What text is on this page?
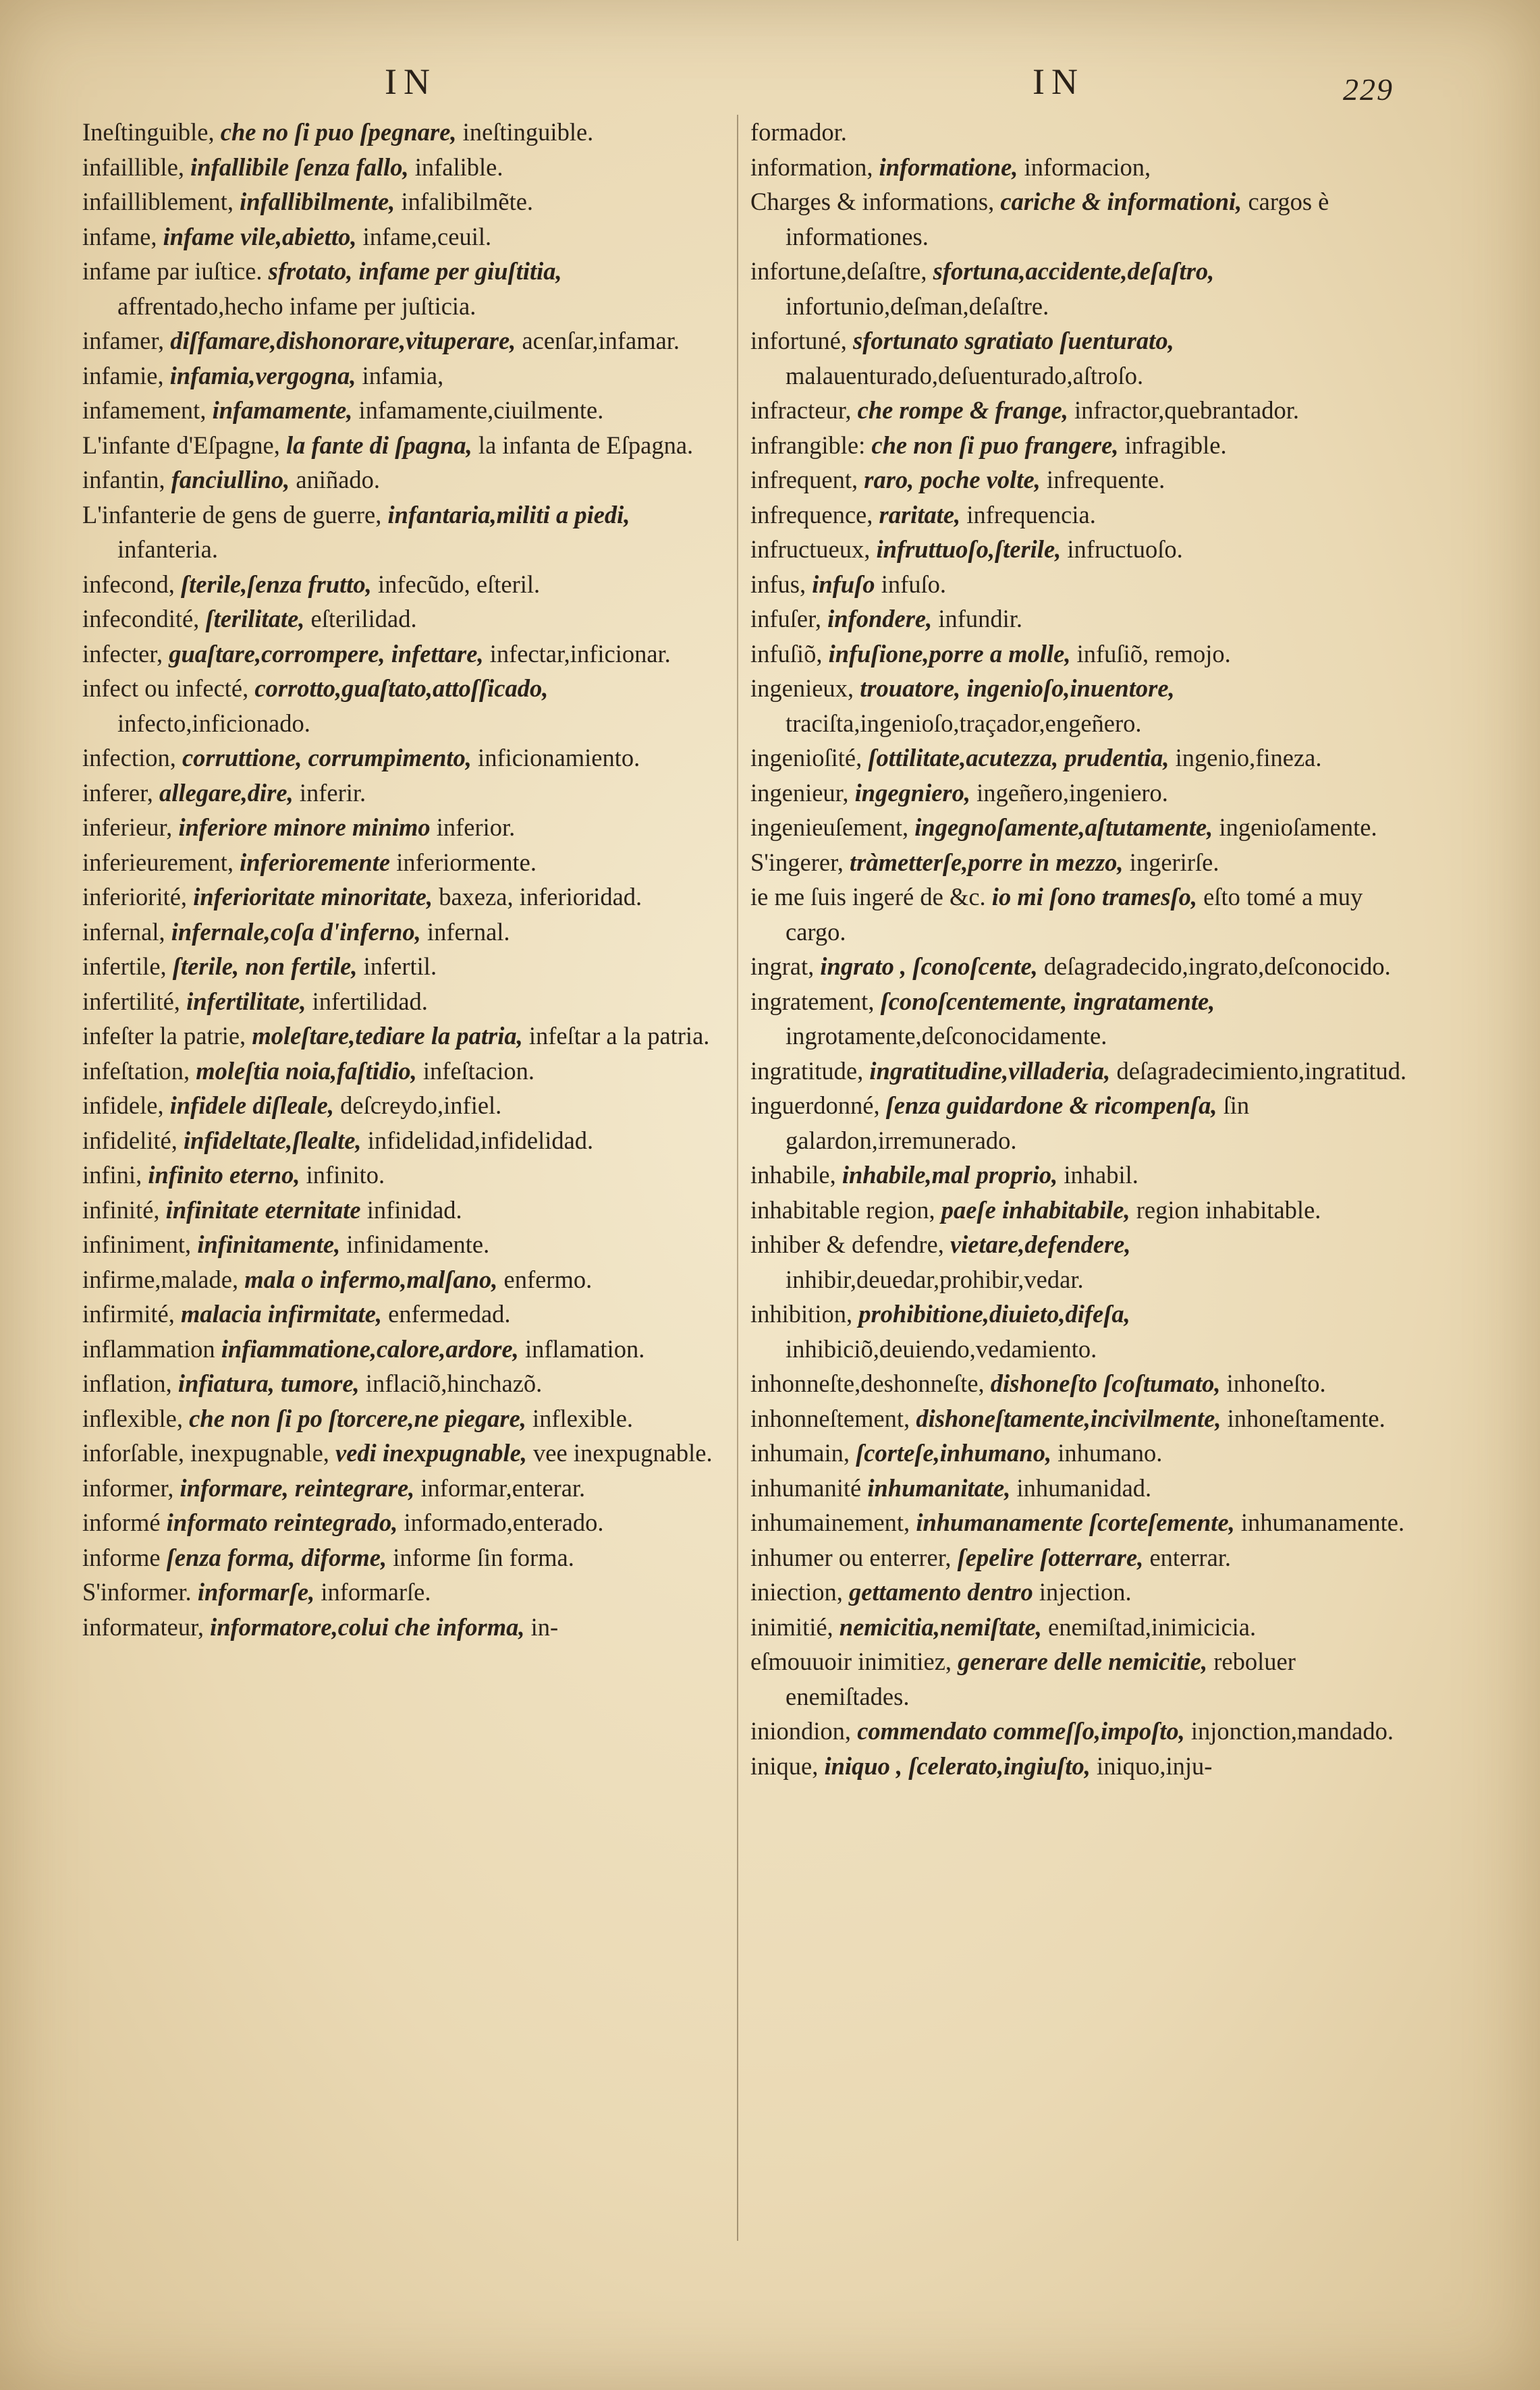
IN	IN	229
Ineſtinguible, che no ſi puo ſpegnare, ineſtinguible.
infaillible, infallibile ſenza fallo, infalible.
infailliblement, infallibilmente, infalibilmẽte.
infame, infame vile,abietto, infame,ceuil.
infame par iuſtice. sfrotato, infame per giuſtitia, affrentado,hecho infame per juſticia.
infamer, diſfamare,dishonorare,vituperare, acenſar,infamar.
infamie, infamia,vergogna, infamia,
infamement, infamamente, infamamente,ciuilmente.
L'infante d'Eſpagne, la fante di ſpagna, la infanta de Eſpagna.
infantin, fanciullino, aniñado.
L'infanterie de gens de guerre, infantaria,militi a piedi, infanteria.
infecond, ſterile,ſenza frutto, infecũdo, eſteril.
infecondité, ſterilitate, eſterilidad.
infecter, guaſtare,corrompere, infettare, infectar,inficionar.
infect ou infecté, corrotto,guaſtato,attoſſicado, infecto,inficionado.
infection, corruttione, corrumpimento, inficionamiento.
inferer, allegare,dire, inferir.
inferieur, inferiore minore minimo inferior.
inferieurement, inferioremente inferiormente.
inferiorité, inferioritate minoritate, baxeza, inferioridad.
infernal, infernale,coſa d'inferno, infernal.
infertile, ſterile, non fertile, infertil.
infertilité, infertilitate, infertilidad.
infeſter la patrie, moleſtare,tediare la patria, infeſtar a la patria.
infeſtation, moleſtia noia,faſtidio, infeſtacion.
infidele, infidele diſleale, deſcreydo,infiel.
infidelité, infideltate,ſlealte, infidelidad,infidelidad.
infini, infinito eterno, infinito.
infinité, infinitate eternitate infinidad.
infiniment, infinitamente, infinidamente.
infirme,malade, mala o infermo,malſano, enfermo.
infirmité, malacia infirmitate, enfermedad.
inflammation infiammatione,calore,ardore, inflamation.
inflation, infiatura, tumore, inflaciõ,hinchazõ.
inflexible, che non ſi po ſtorcere,ne piegare, inflexible.
inforſable, inexpugnable, vedi inexpugnable, vee inexpugnable.
informer, informare, reintegrare, informar,enterar.
informé informato reintegrado, informado,enterado.
informe ſenza forma, diforme, informe ſin forma.
S'informer. informarſe, informarſe.
informateur, informatore,colui che informa, in-
formador.
information, informatione, informacion,
Charges & informations, cariche & informationi, cargos è informationes.
infortune,deſaſtre, sfortuna,accidente,deſaſtro, infortunio,deſman,deſaſtre.
infortuné, sfortunato sgratiato ſuenturato, malauenturado,deſuenturado,aſtroſo.
infracteur, che rompe & frange, infractor,quebrantador.
infrangible: che non ſi puo frangere, infragible.
infrequent, raro, poche volte, infrequente.
infrequence, raritate, infrequencia.
infructueux, infruttuoſo,ſterile, infructuoſo.
infus, infuſo infuſo.
infuſer, infondere, infundir.
infuſiõ, infuſione,porre a molle, infuſiõ, remojo.
ingenieux, trouatore, ingenioſo,inuentore, traciſta,ingenioſo,traçador,engeñero.
ingenioſité, ſottilitate,acutezza, prudentia, ingenio,fineza.
ingenieur, ingegniero, ingeñero,ingeniero.
ingenieuſement, ingegnoſamente,aſtutamente, ingenioſamente.
S'ingerer, tràmetterſe,porre in mezzo, ingerirſe.
ie me ſuis ingeré de &c. io mi ſono tramesſo, eſto tomé a muy cargo.
ingrat, ingrato , ſconoſcente, deſagradecido,ingrato,deſconocido.
ingratement, ſconoſcentemente, ingratamente, ingrotamente,deſconocidamente.
ingratitude, ingratitudine,villaderia, deſagradecimiento,ingratitud.
inguerdonné, ſenza guidardone & ricompenſa, ſin galardon,irremunerado.
inhabile, inhabile,mal proprio, inhabil.
inhabitable region, paeſe inhabitabile, region inhabitable.
inhiber & defendre, vietare,defendere, inhibir,deuedar,prohibir,vedar.
inhibition, prohibitione,diuieto,difeſa, inhibiciõ,deuiendo,vedamiento.
inhonneſte,deshonneſte, dishoneſto ſcoſtumato, inhoneſto.
inhonneſtement, dishoneſtamente,incivilmente, inhoneſtamente.
inhumain, ſcorteſe,inhumano, inhumano.
inhumanité inhumanitate, inhumanidad.
inhumainement, inhumanamente ſcorteſemente, inhumanamente.
inhumer ou enterrer, ſepelire ſotterrare, enterrar.
iniection, gettamento dentro injection.
inimitié, nemicitia,nemiſtate, enemiſtad,inimicicia.
eſmouuoir inimitiez, generare delle nemicitie, reboluer enemiſtades.
iniondion, commendato commeſſo,impoſto, injonction,mandado.
inique, iniquo , ſcelerato,ingiuſto, iniquo,inju-
